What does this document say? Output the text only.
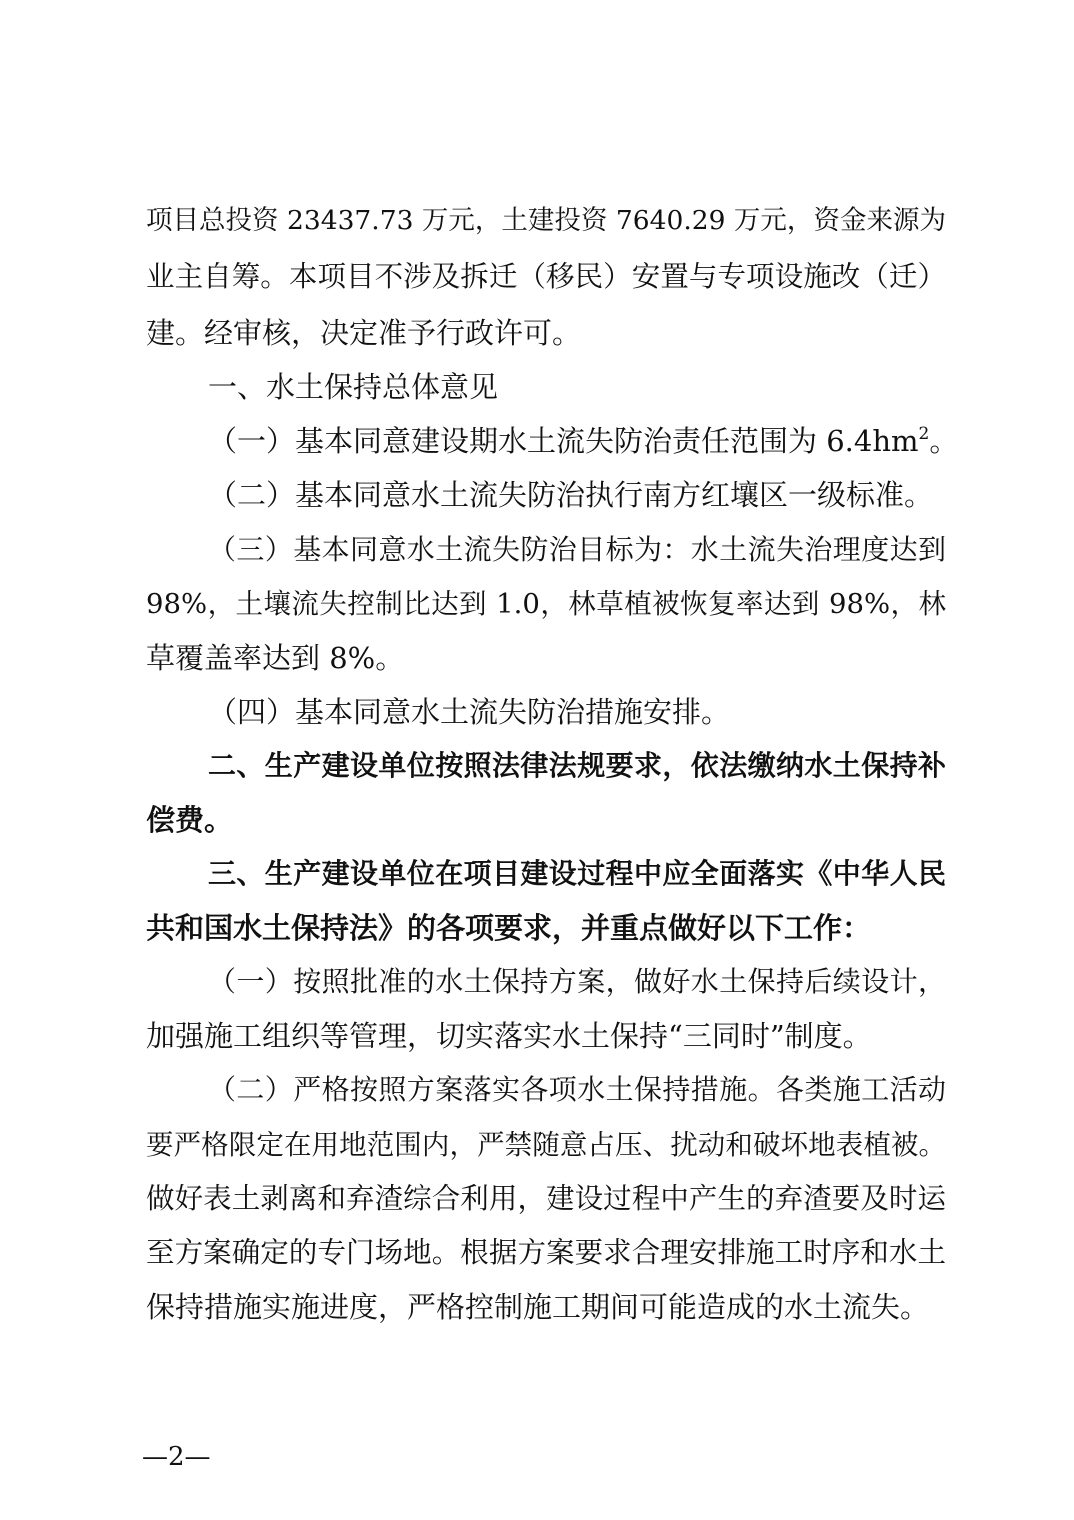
项目总投资 23437.73 万元，土建投资 7640.29 万元，资金来源为
业主自筹。本项目不涉及拆迁（移民）安置与专项设施改（迁）
建。经审核，决定准予行政许可。
一、水土保持总体意见
（一）基本同意建设期水土流失防治责任范围为 $6.4hm^2$。
（二）基本同意水土流失防治执行南方红壤区一级标准。
（三）基本同意水土流失防治目标为：水土流失治理度达到
98%，土壤流失控制比达到 1.0，林草植被恢复率达到 98%，林
草覆盖率达到 8%。
（四）基本同意水土流失防治措施安排。
二、生产建设单位按照法律法规要求，依法缴纳水土保持补
偿费。
三、生产建设单位在项目建设过程中应全面落实《中华人民
共和国水土保持法》的各项要求，并重点做好以下工作：
（一）按照批准的水土保持方案，做好水土保持后续设计，
加强施工组织等管理，切实落实水土保持“三同时”制度。
（二）严格按照方案落实各项水土保持措施。各类施工活动
要严格限定在用地范围内，严禁随意占压、扰动和破坏地表植被。
做好表土剥离和弃渣综合利用，建设过程中产生的弃渣要及时运
至方案确定的专门场地。根据方案要求合理安排施工时序和水土
保持措施实施进度，严格控制施工期间可能造成的水土流失。
—2—
